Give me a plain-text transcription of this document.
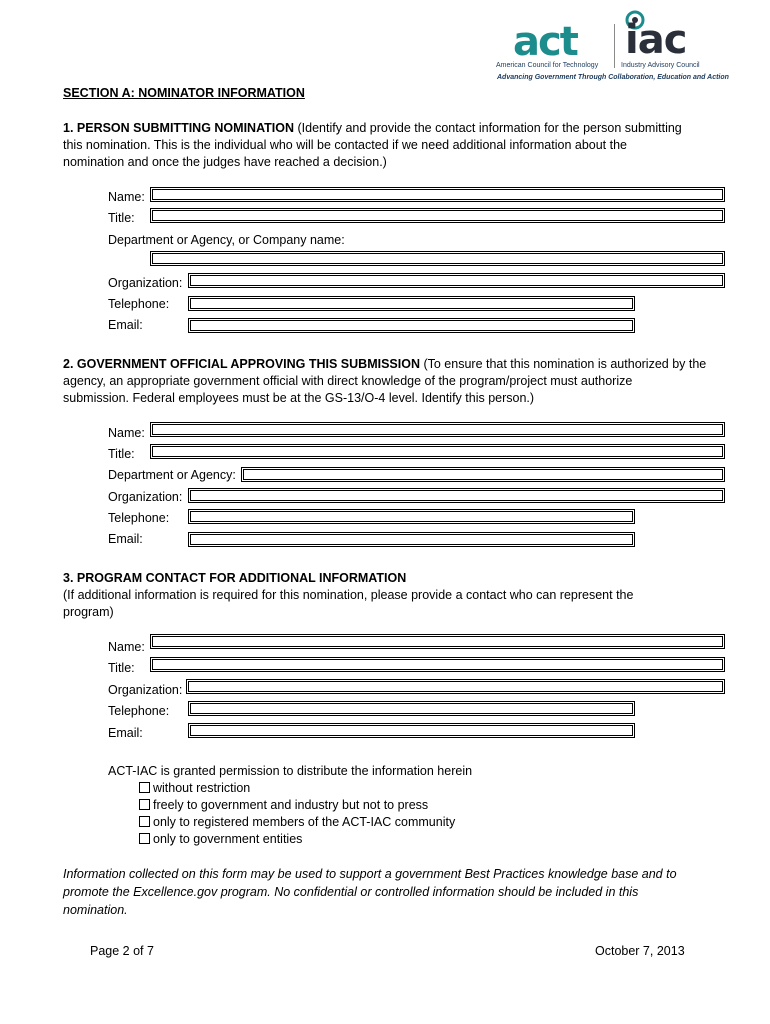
act iac
American Council for Technology	Industry Advisory Council
Advancing Government Through Collaboration, Education and Action
SECTION A: NOMINATOR INFORMATION
1. PERSON SUBMITTING NOMINATION (Identify and provide the contact information for the person submitting
this nomination. This is the individual who will be contacted if we need additional information about the
nomination and once the judges have reached a decision.)
Name:
Title:
Department or Agency, or Company name:
Organization:
Telephone:
Email:
2. GOVERNMENT OFFICIAL APPROVING THIS SUBMISSION (To ensure that this nomination is authorized by the
agency, an appropriate government official with direct knowledge of the program/project must authorize
submission. Federal employees must be at the GS-13/O-4 level. Identify this person.)
Name:
Title:
Department or Agency:
Organization:
Telephone:
Email:
3. PROGRAM CONTACT FOR ADDITIONAL INFORMATION
(If additional information is required for this nomination, please provide a contact who can represent the
program)
Name:
Title:
Organization:
Telephone:
Email:
ACT-IAC is granted permission to distribute the information herein
without restriction
freely to government and industry but not to press
only to registered members of the ACT-IAC community
only to government entities
Information collected on this form may be used to support a government Best Practices knowledge base and to
promote the Excellence.gov program. No confidential or controlled information should be included in this
nomination.
Page 2 of 7	October 7, 2013
